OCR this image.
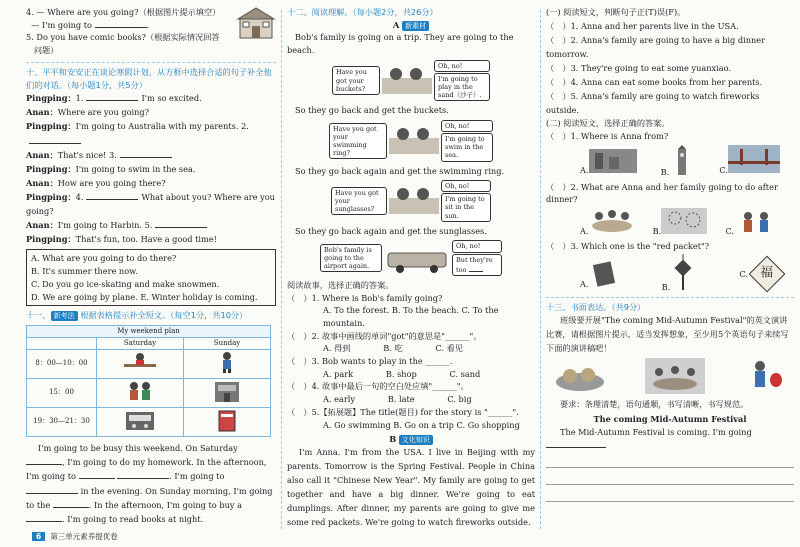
4. — Where are you going?（根据图片提示填空）
— I'm going to	.
5. Do you have comic books?（根据实际情况回答
问题）
十、平平和安安正在谈论寒假计划，从方框中选择合适的句子补全他们的对话。（每小题1分，共5分）
Pingping：1.	I'm so excited.
Anan：Where are you going?
Pingping：I'm going to Australia with my parents. 2.
Anan：That's nice! 3.
Pingping：I'm going to swim in the sea.
Anan：How are you going there?
Pingping：4.	What about you? Where are you going?
Anan：I'm going to Harbin. 5.
Pingping：That's fun, too. Have a good time!
A. What are you going to do there?
B. It's summer there now.
C. Do you go ice-skating and make snowmen.
D. We are going by plane. E. Winter holiday is coming.
十一、 新考法 根据表格提示补全短文。（每空1分，共10分）
My weekend plan		
	Saturday	Sunday
8：00—10：00		
15：00		
19：30—21：30		
I'm going to be busy this weekend. On Saturday , I'm going to do my homework. In the afternoon, I'm going to	. I'm going to  in the evening. On Sunday morning, I'm going to the	. In the afternoon, I'm going to buy a . I'm going to read books at night.
十二、阅读理解。（每小题2分，共26分）
A 新素材
Bob's family is going on a trip. They are going to the beach.
Have you got your buckets?
Oh, no!
I'm going to play in the sand（沙子）.
So they go back and get the buckets.
Have you got your swimming ring?
Oh, no!
I'm going to swim in the sea.
So they go back again and get the swimming ring.
Have you got your sunglasses?
Oh, no!
I'm going to sit in the sun.
So they go back again and get the sunglasses.
Bob's family is going to the airport again.
Oh, no!
But they're too
阅读故事，选择正确的答案。
（　）1. Where is Bob's family going?
A. To the forest. B. To the beach. C. To the mountain.
（　）2. 故事中画线的单词"got"的意思是"______"。
A. 得到　　　　B. 吃　　　　C. 看见
（　）3. Bob wants to play in the ______.
A. park　　　　B. shop　　　　C. sand
（　）4. 故事中最后一句的空白处应填"______"。
A. early　　　　B. late　　　　C. big
（　）5.【拓展题】The title(题目) for the story is "______".
A. Go swimming B. Go on a trip C. Go shopping
B 文化知识
I'm Anna. I'm from the USA. I live in Beijing with my parents. Tomorrow is the Spring Festival. People in China also call it "Chinese New Year". My family are going to get together and have a big dinner. We're going to eat dumplings. After dinner, my parents are going to give me some red packets. We're going to watch fireworks outside.
(一) 阅读短文，判断句子正(T)误(F)。
（　）1. Anna and her parents live in the USA.
（　）2. Anna's family are going to have a big dinner tomorrow.
（　）3. They're going to eat some yuanxiao.
（　）4. Anna can eat some books from her parents.
（　）5. Anna's family are going to watch fireworks outside.
(二) 阅读短文，选择正确的答案。
（　）1. Where is Anna from?
A.	B.	C.
（　）2. What are Anna and her family going to do after dinner?
A.	B.	C.
（　）3. Which one is the "red packet"?
A.	B.
C. 福
十三、书面表达。（共9分）
班级要开展"The coming Mid-Autumn Festival"的英文演讲比赛，请根据图片提示，适当发挥想象，至少用5个英语句子来续写下面的演讲稿吧！
要求：条理清楚，语句通顺，书写清晰，书写规范。
The coming Mid-Autumn Festival
The Mid-Autumn Festival is coming. I'm going
6	第三单元素养提优卷
